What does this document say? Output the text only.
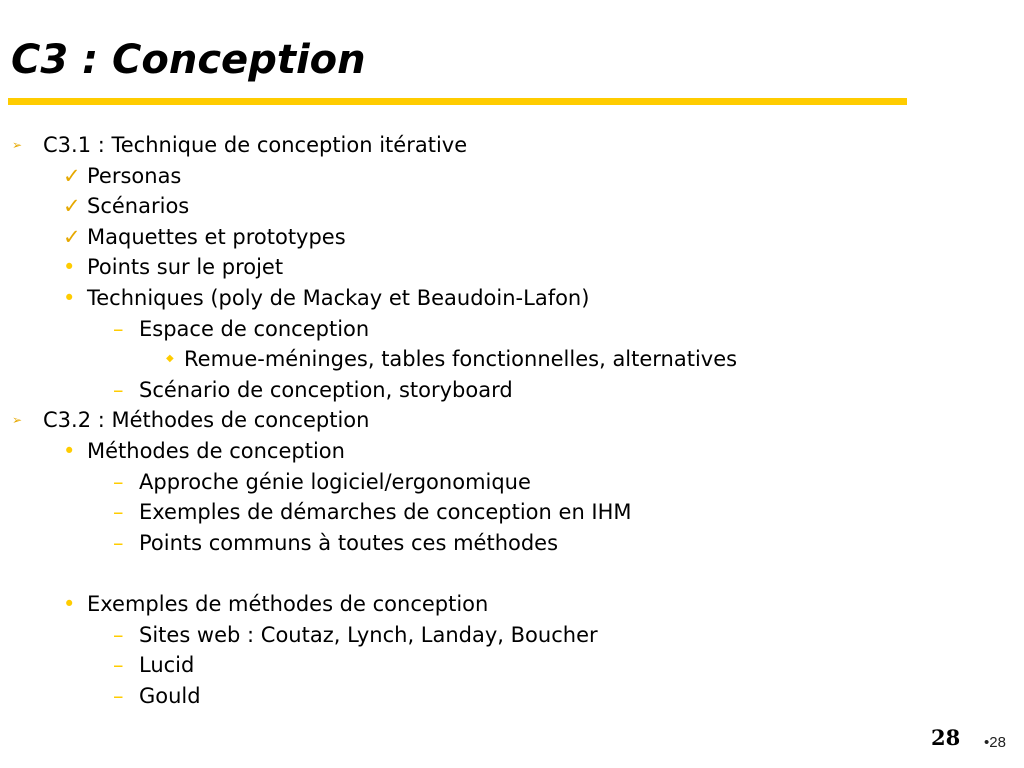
C3 : Conception
➢ C3.1 : Technique de conception itérative
✓ Personas
✓ Scénarios
✓ Maquettes et prototypes
• Points sur le projet
• Techniques (poly de Mackay et Beaudoin-Lafon)
– Espace de conception
◆ Remue-méninges, tables fonctionnelles, alternatives
– Scénario de conception, storyboard
➢ C3.2 : Méthodes de conception
• Méthodes de conception
– Approche génie logiciel/ergonomique
– Exemples de démarches de conception en IHM
– Points communs à toutes ces méthodes
• Exemples de méthodes de conception
– Sites web : Coutaz, Lynch, Landay, Boucher
– Lucid
– Gould
28 •28
